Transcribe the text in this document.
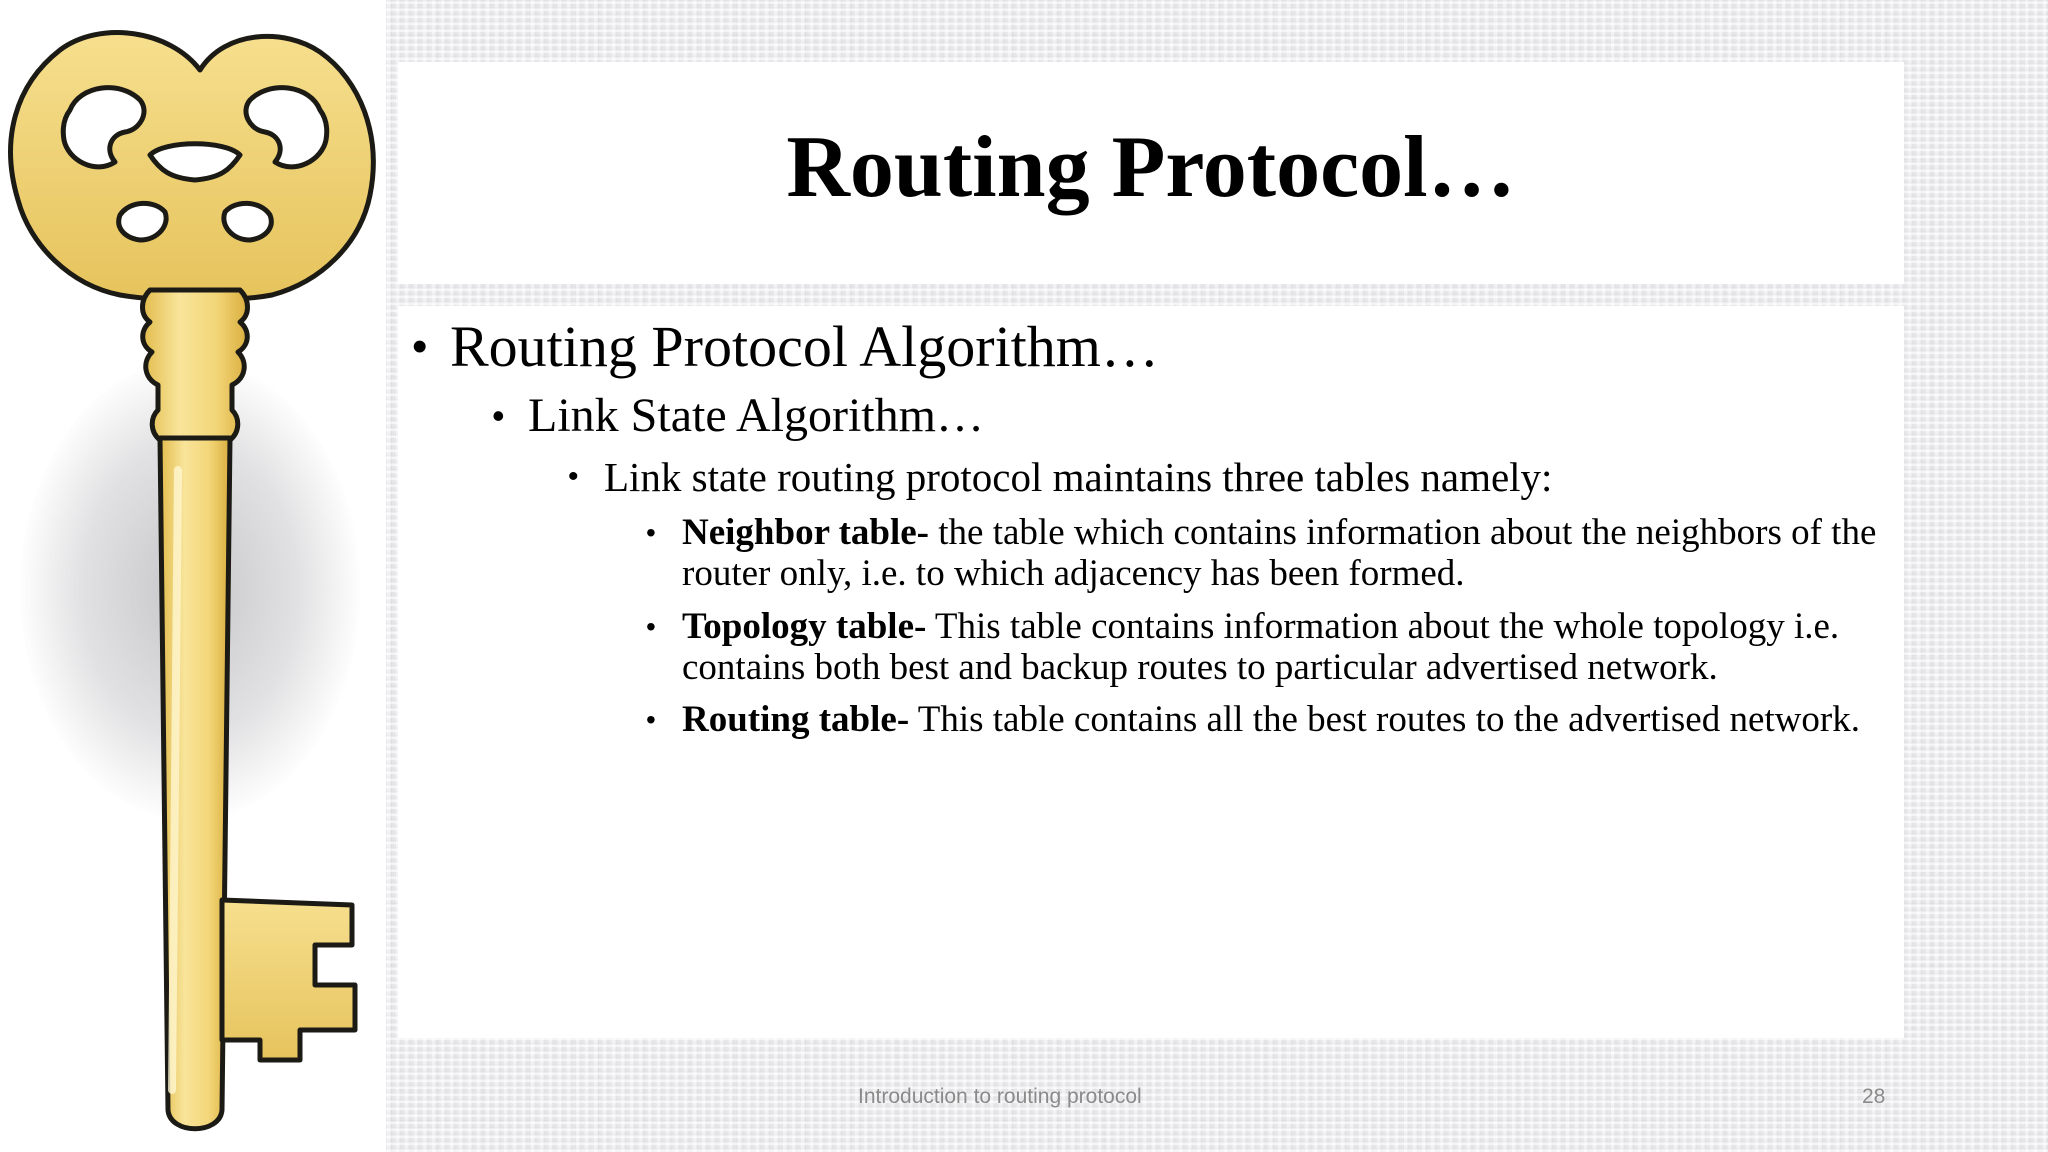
Routing Protocol…
• Routing Protocol Algorithm…
• Link State Algorithm…
• Link state routing protocol maintains three tables namely:
• Neighbor table- the table which contains information about the neighbors of the router only, i.e. to which adjacency has been formed.
• Topology table- This table contains information about the whole topology i.e. contains both best and backup routes to particular advertised network.
• Routing table- This table contains all the best routes to the advertised network.
Introduction to routing protocol	28
